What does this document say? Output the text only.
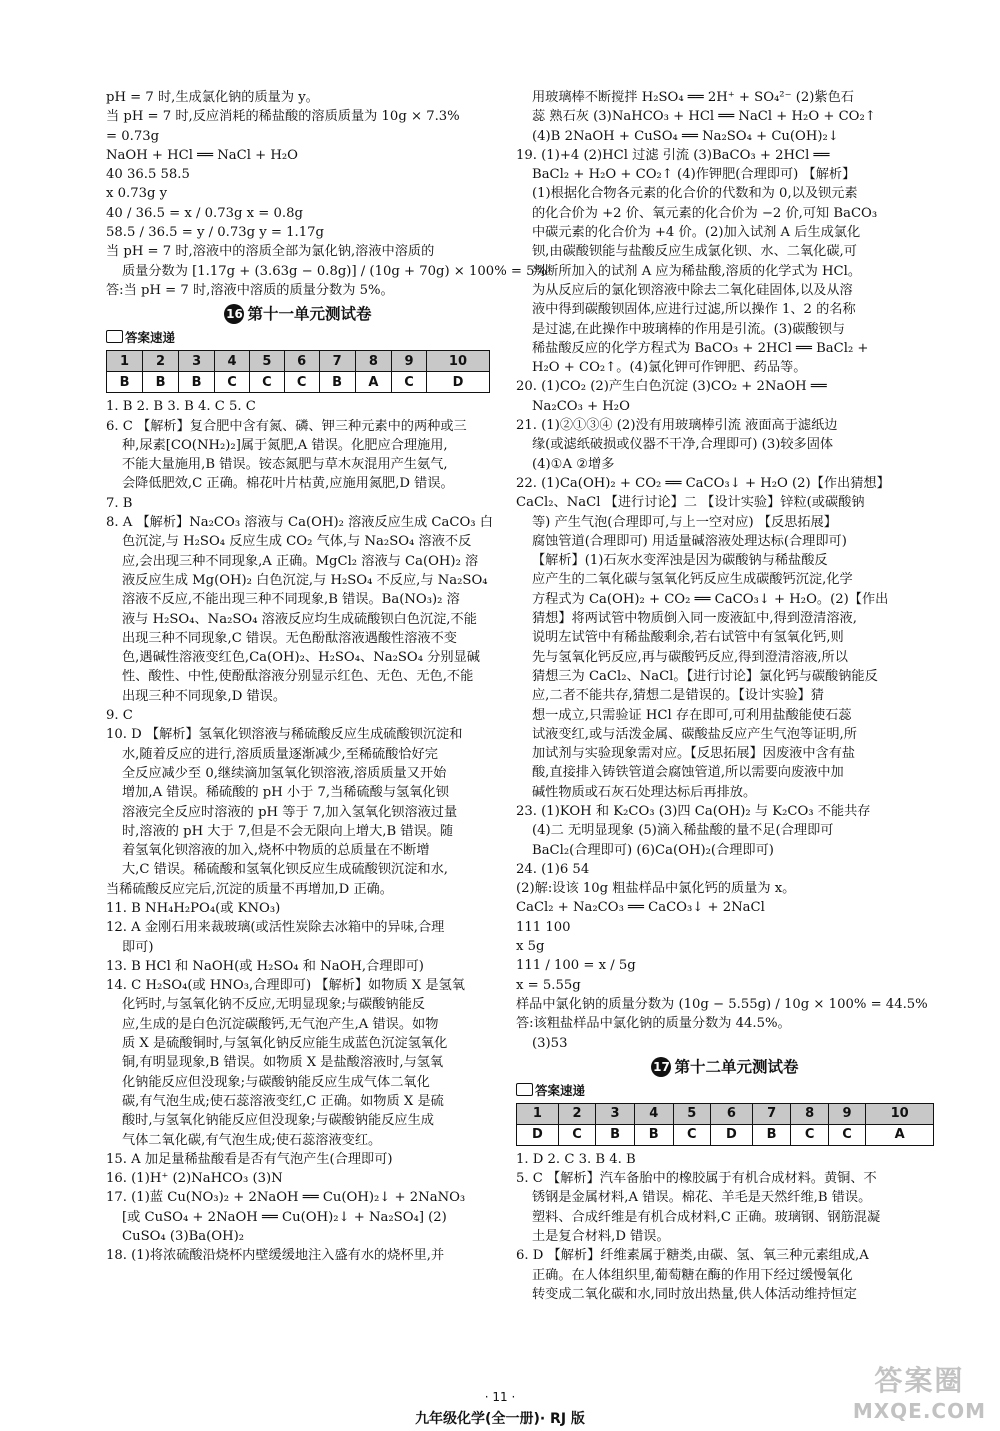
pH = 7 时,生成氯化钠的质量为 y。
当 pH = 7 时,反应消耗的稀盐酸的溶质质量为 10g × 7.3%
= 0.73g
NaOH + HCl ══ NaCl + H₂O
40 36.5 58.5
x 0.73g y
40 / 36.5 = x / 0.73g x = 0.8g
58.5 / 36.5 = y / 0.73g y = 1.17g
当 pH = 7 时,溶液中的溶质全部为氯化钠,溶液中溶质的
质量分数为 [1.17g + (3.63g − 0.8g)] / (10g + 70g) × 100% = 5%
答:当 pH = 7 时,溶液中溶质的质量分数为 5%。
16 第十一单元测试卷
答案速递
1	2	3	4	5	6	7	8	9	10
B	B	B	C	C	C	B	A	C	D
1. B 2. B 3. B 4. C 5. C
6. C 【解析】复合肥中含有氮、磷、钾三种元素中的两种或三
种,尿素[CO(NH₂)₂]属于氮肥,A 错误。化肥应合理施用,
不能大量施用,B 错误。铵态氮肥与草木灰混用产生氨气,
会降低肥效,C 正确。棉花叶片枯黄,应施用氮肥,D 错误。
7. B
8. A 【解析】Na₂CO₃ 溶液与 Ca(OH)₂ 溶液反应生成 CaCO₃ 白
色沉淀,与 H₂SO₄ 反应生成 CO₂ 气体,与 Na₂SO₄ 溶液不反
应,会出现三种不同现象,A 正确。MgCl₂ 溶液与 Ca(OH)₂ 溶
液反应生成 Mg(OH)₂ 白色沉淀,与 H₂SO₄ 不反应,与 Na₂SO₄
溶液不反应,不能出现三种不同现象,B 错误。Ba(NO₃)₂ 溶
液与 H₂SO₄、Na₂SO₄ 溶液反应均生成硫酸钡白色沉淀,不能
出现三种不同现象,C 错误。无色酚酞溶液遇酸性溶液不变
色,遇碱性溶液变红色,Ca(OH)₂、H₂SO₄、Na₂SO₄ 分别显碱
性、酸性、中性,使酚酞溶液分别显示红色、无色、无色,不能
出现三种不同现象,D 错误。
9. C
10. D 【解析】氢氧化钡溶液与稀硫酸反应生成硫酸钡沉淀和
水,随着反应的进行,溶质质量逐渐减少,至稀硫酸恰好完
全反应减少至 0,继续滴加氢氧化钡溶液,溶质质量又开始
增加,A 错误。稀硫酸的 pH 小于 7,当稀硫酸与氢氧化钡
溶液完全反应时溶液的 pH 等于 7,加入氢氧化钡溶液过量
时,溶液的 pH 大于 7,但是不会无限向上增大,B 错误。随
着氢氧化钡溶液的加入,烧杯中物质的总质量在不断增
大,C 错误。稀硫酸和氢氧化钡反应生成硫酸钡沉淀和水,
当稀硫酸反应完后,沉淀的质量不再增加,D 正确。
11. B NH₄H₂PO₄(或 KNO₃)
12. A 金刚石用来裁玻璃(或活性炭除去冰箱中的异味,合理
即可)
13. B HCl 和 NaOH(或 H₂SO₄ 和 NaOH,合理即可)
14. C H₂SO₄(或 HNO₃,合理即可) 【解析】如物质 X 是氢氧
化钙时,与氢氧化钠不反应,无明显现象;与碳酸钠能反
应,生成的是白色沉淀碳酸钙,无气泡产生,A 错误。如物
质 X 是硫酸铜时,与氢氧化钠反应能生成蓝色沉淀氢氧化
铜,有明显现象,B 错误。如物质 X 是盐酸溶液时,与氢氧
化钠能反应但没现象;与碳酸钠能反应生成气体二氧化
碳,有气泡生成;使石蕊溶液变红,C 正确。如物质 X 是硫
酸时,与氢氧化钠能反应但没现象;与碳酸钠能反应生成
气体二氧化碳,有气泡生成;使石蕊溶液变红。
15. A 加足量稀盐酸看是否有气泡产生(合理即可)
16. (1)H⁺ (2)NaHCO₃ (3)N
17. (1)蓝 Cu(NO₃)₂ + 2NaOH ══ Cu(OH)₂↓ + 2NaNO₃
[或 CuSO₄ + 2NaOH ══ Cu(OH)₂↓ + Na₂SO₄] (2)
CuSO₄ (3)Ba(OH)₂
18. (1)将浓硫酸沿烧杯内壁缓缓地注入盛有水的烧杯里,并
用玻璃棒不断搅拌 H₂SO₄ ══ 2H⁺ + SO₄²⁻ (2)紫色石
蕊 熟石灰 (3)NaHCO₃ + HCl ══ NaCl + H₂O + CO₂↑
(4)B 2NaOH + CuSO₄ ══ Na₂SO₄ + Cu(OH)₂↓
19. (1)+4 (2)HCl 过滤 引流 (3)BaCO₃ + 2HCl ══
BaCl₂ + H₂O + CO₂↑ (4)作钾肥(合理即可) 【解析】
(1)根据化合物各元素的化合价的代数和为 0,以及钡元素
的化合价为 +2 价、氧元素的化合价为 −2 价,可知 BaCO₃
中碳元素的化合价为 +4 价。(2)加入试剂 A 后生成氯化
钡,由碳酸钡能与盐酸反应生成氯化钡、水、二氧化碳,可
判断所加入的试剂 A 应为稀盐酸,溶质的化学式为 HCl。
为从反应后的氯化钡溶液中除去二氧化硅固体,以及从溶
液中得到碳酸钡固体,应进行过滤,所以操作 1、2 的名称
是过滤,在此操作中玻璃棒的作用是引流。(3)碳酸钡与
稀盐酸反应的化学方程式为 BaCO₃ + 2HCl ══ BaCl₂ +
H₂O + CO₂↑。(4)氯化钾可作钾肥、药品等。
20. (1)CO₂ (2)产生白色沉淀 (3)CO₂ + 2NaOH ══
Na₂CO₃ + H₂O
21. (1)②①③④ (2)没有用玻璃棒引流 液面高于滤纸边
缘(或滤纸破损或仪器不干净,合理即可) (3)较多固体
(4)①A ②增多
22. (1)Ca(OH)₂ + CO₂ ══ CaCO₃↓ + H₂O (2)【作出猜想】
CaCl₂、NaCl 【进行讨论】二 【设计实验】锌粒(或碳酸钠
等) 产生气泡(合理即可,与上一空对应) 【反思拓展】
腐蚀管道(合理即可) 用适量碱溶液处理达标(合理即可)
【解析】(1)石灰水变浑浊是因为碳酸钠与稀盐酸反
应产生的二氧化碳与氢氧化钙反应生成碳酸钙沉淀,化学
方程式为 Ca(OH)₂ + CO₂ ══ CaCO₃↓ + H₂O。(2)【作出
猜想】将两试管中物质倒入同一废液缸中,得到澄清溶液,
说明左试管中有稀盐酸剩余,若右试管中有氢氧化钙,则
先与氢氧化钙反应,再与碳酸钙反应,得到澄清溶液,所以
猜想三为 CaCl₂、NaCl。【进行讨论】氯化钙与碳酸钠能反
应,二者不能共存,猜想二是错误的。【设计实验】猜
想一成立,只需验证 HCl 存在即可,可利用盐酸能使石蕊
试液变红,或与活泼金属、碳酸盐反应产生气泡等证明,所
加试剂与实验现象需对应。【反思拓展】因废液中含有盐
酸,直接排入铸铁管道会腐蚀管道,所以需要向废液中加
碱性物质或石灰石处理达标后再排放。
23. (1)KOH 和 K₂CO₃ (3)四 Ca(OH)₂ 与 K₂CO₃ 不能共存
(4)二 无明显现象 (5)滴入稀盐酸的量不足(合理即可
BaCl₂(合理即可) (6)Ca(OH)₂(合理即可)
24. (1)6 54
(2)解:设该 10g 粗盐样品中氯化钙的质量为 x。
CaCl₂ + Na₂CO₃ ══ CaCO₃↓ + 2NaCl
111 100
x 5g
111 / 100 = x / 5g
x = 5.55g
样品中氯化钠的质量分数为 (10g − 5.55g) / 10g × 100% = 44.5%
答:该粗盐样品中氯化钠的质量分数为 44.5%。
(3)53
17 第十二单元测试卷
答案速递
1	2	3	4	5	6	7	8	9	10
D	C	B	B	C	D	B	C	C	A
1. D 2. C 3. B 4. B
5. C 【解析】汽车备胎中的橡胶属于有机合成材料。黄铜、不
锈钢是金属材料,A 错误。棉花、羊毛是天然纤维,B 错误。
塑料、合成纤维是有机合成材料,C 正确。玻璃钢、钢筋混凝
土是复合材料,D 错误。
6. D 【解析】纤维素属于糖类,由碳、氢、氧三种元素组成,A
正确。在人体组织里,葡萄糖在酶的作用下经过缓慢氧化
转变成二氧化碳和水,同时放出热量,供人体活动维持恒定
· 11 ·
九年级化学(全一册)· RJ 版
答案圈
MXQE.COM
